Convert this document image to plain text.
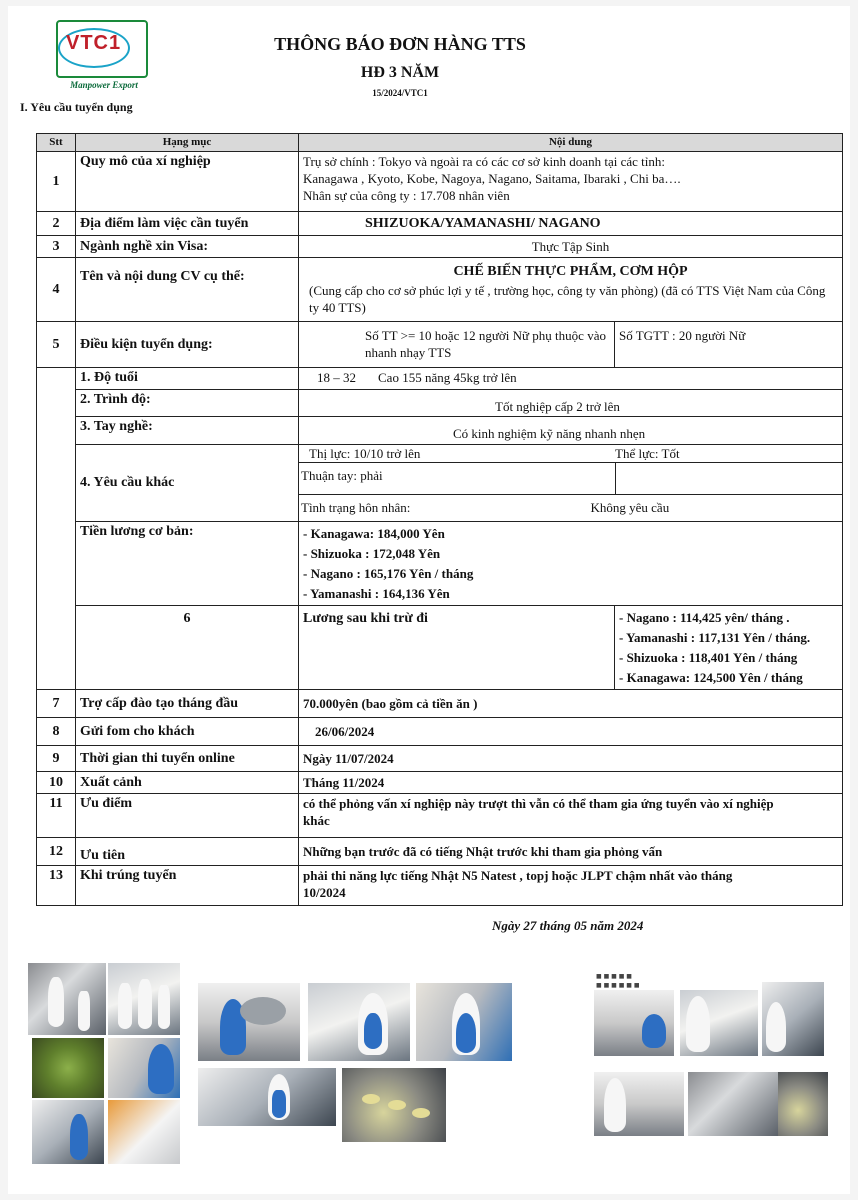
VTC1
Manpower Export
THÔNG BÁO ĐƠN HÀNG TTS
HĐ 3 NĂM
15/2024/VTC1
I. Yêu cầu tuyển dụng
Stt	Hạng mục	Nội dung
1	Quy mô của xí nghiệp	Trụ sở chính : Tokyo và ngoài ra có các cơ sở kinh doanh tại các tỉnh:
Kanagawa , Kyoto, Kobe, Nagoya, Nagano, Saitama, Ibaraki , Chi ba….
Nhân sự của công ty : 17.708 nhân viên

2	Địa điểm làm việc cần tuyển	SHIZUOKA/YAMANASHI/ NAGANO
3	Ngành nghề xin Visa:	Thực Tập Sinh
4	Tên và nội dung CV cụ thể:	CHẾ BIẾN THỰC PHẨM, CƠM HỘP
(Cung cấp cho cơ sở phúc lợi y tế , trường học, công ty văn phòng) (đã có TTS Việt Nam của Công ty 40 TTS)

5	Điều kiện tuyển dụng:	Số TT >= 10 hoặc 12 người Nữ phụ thuộc vào nhanh nhạy TTS	Số TGTT : 20 người Nữ
	1. Độ tuổi	18 – 32 Cao 155 năng 45kg trở lên
2. Trình độ:	Tốt nghiệp cấp 2 trở lên
3. Tay nghề:	Có kinh nghiệm kỹ năng nhanh nhẹn
4. Yêu cầu khác	
Thị lực: 10/10 trở lên	Thể lực: Tốt
Thuận tay: phải	
Tình trạng hôn nhân:	Không yêu cầu

Tiền lương cơ bản:	- Kanagawa: 184,000 Yên
- Shizuoka : 172,048 Yên
- Nagano : 165,176 Yên / tháng
- Yamanashi : 164,136 Yên

6	Lương sau khi trừ đi	- Nagano : 114,425 yên/ tháng .
- Yamanashi : 117,131 Yên / tháng.
- Shizuoka : 118,401 Yên / tháng
- Kanagawa: 124,500 Yên / tháng

7	Trợ cấp đào tạo tháng đầu	70.000yên (bao gồm cả tiền ăn )
8	Gửi fom cho khách	26/06/2024
9	Thời gian thi tuyển online	Ngày 11/07/2024
10	Xuất cảnh	Tháng 11/2024
11	Ưu điểm	có thể phỏng vấn xí nghiệp này trượt thì vẫn có thể tham gia ứng tuyển vào xí nghiệp khác
12	Ưu tiên	Những bạn trước đã có tiếng Nhật trước khi tham gia phỏng vấn
13	Khi trúng tuyển	phải thi năng lực tiếng Nhật N5 Natest , topj hoặc JLPT chậm nhất vào tháng 10/2024
Ngày 27 tháng 05 năm 2024
■ ■ ■ ■ ■
■ ■ ■ ■ ■ ■
